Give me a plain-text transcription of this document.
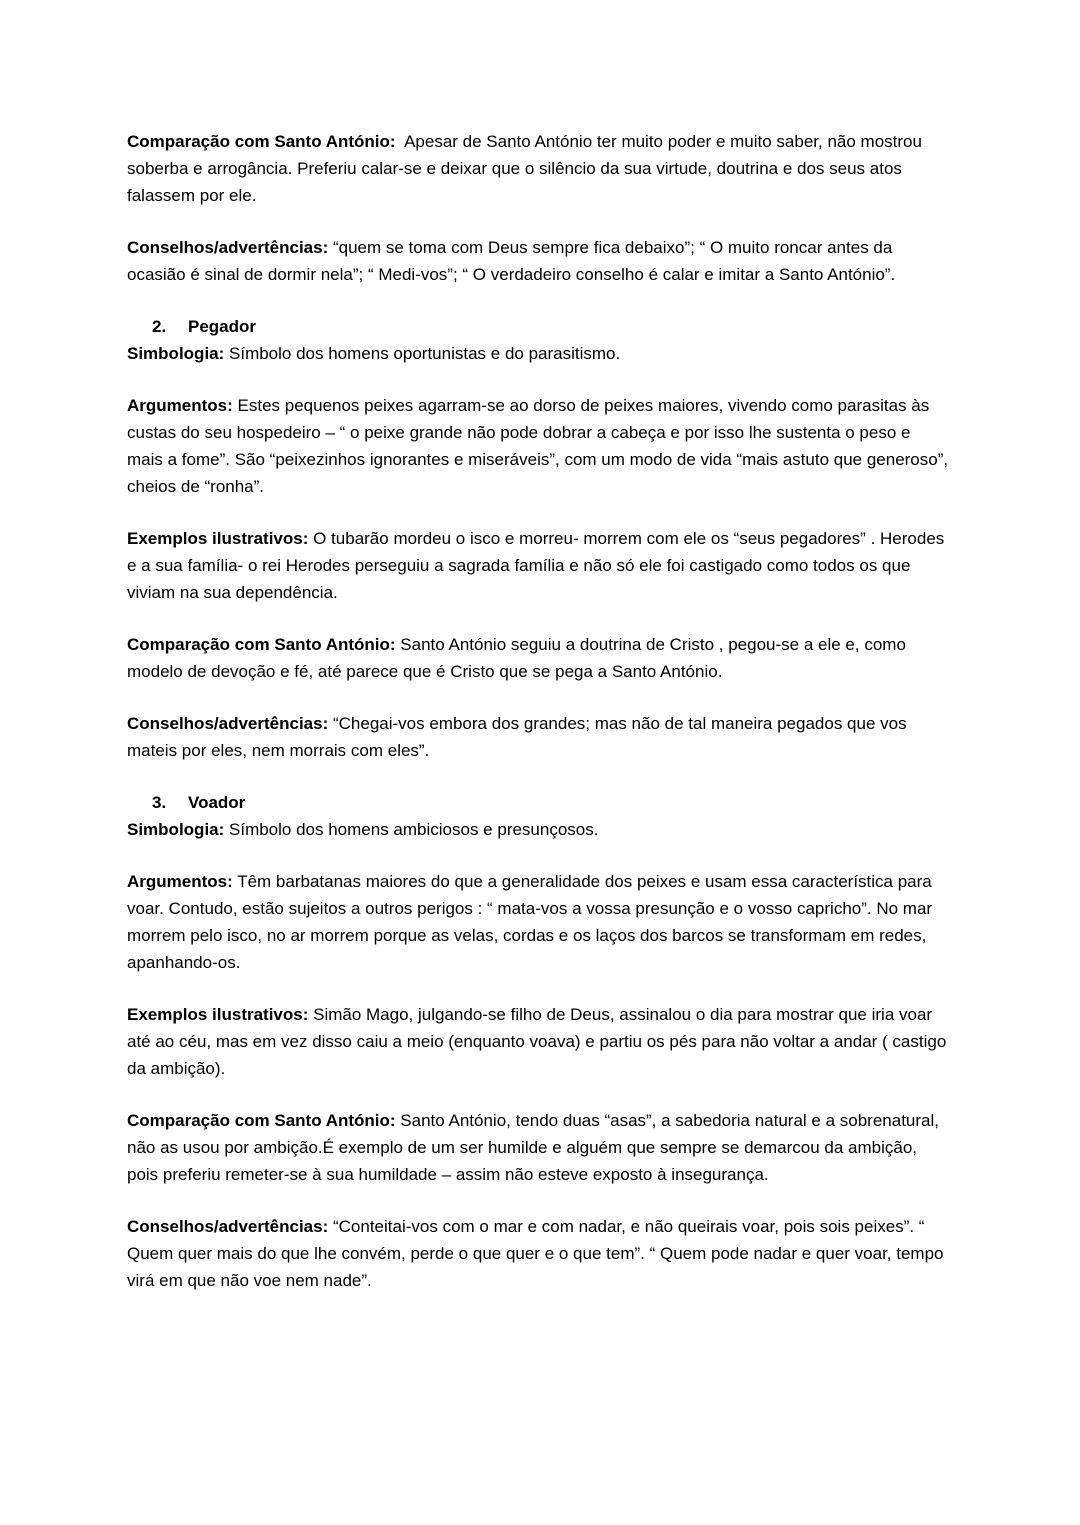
Comparação com Santo António:  Apesar de Santo António ter muito poder e muito saber, não mostrou soberba e arrogância. Preferiu calar-se e deixar que o silêncio da sua virtude, doutrina e dos seus atos falassem por ele.

Conselhos/advertências: “quem se toma com Deus sempre fica debaixo”; “ O muito roncar antes da ocasião é sinal de dormir nela”; “ Medi-vos”; “ O verdadeiro conselho é calar e imitar a Santo António”.

2. Pegador

Simbologia: Símbolo dos homens oportunistas e do parasitismo.

Argumentos: Estes pequenos peixes agarram-se ao dorso de peixes maiores, vivendo como parasitas às custas do seu hospedeiro – “ o peixe grande não pode dobrar a cabeça e por isso lhe sustenta o peso e mais a fome”. São “peixezinhos ignorantes e miseráveis”, com um modo de vida “mais astuto que generoso”, cheios de “ronha”.

Exemplos ilustrativos: O tubarão mordeu o isco e morreu- morrem com ele os “seus pegadores” . Herodes e a sua família- o rei Herodes perseguiu a sagrada família e não só ele foi castigado como todos os que viviam na sua dependência.

Comparação com Santo António: Santo António seguiu a doutrina de Cristo , pegou-se a ele e, como modelo de devoção e fé, até parece que é Cristo que se pega a Santo António.

Conselhos/advertências: “Chegai-vos embora dos grandes; mas não de tal maneira pegados que vos mateis por eles, nem morrais com eles”.

3. Voador

Simbologia: Símbolo dos homens ambiciosos e presunçosos.

Argumentos: Têm barbatanas maiores do que a generalidade dos peixes e usam essa característica para voar. Contudo, estão sujeitos a outros perigos : “ mata-vos a vossa presunção e o vosso capricho”. No mar morrem pelo isco, no ar morrem porque as velas, cordas e os laços dos barcos se transformam em redes, apanhando-os.

Exemplos ilustrativos: Simão Mago, julgando-se filho de Deus, assinalou o dia para mostrar que iria voar até ao céu, mas em vez disso caiu a meio (enquanto voava) e partiu os pés para não voltar a andar ( castigo da ambição).

Comparação com Santo António: Santo António, tendo duas “asas”, a sabedoria natural e a sobrenatural, não as usou por ambição.É exemplo de um ser humilde e alguém que sempre se demarcou da ambição, pois preferiu remeter-se à sua humildade – assim não esteve exposto à insegurança.

Conselhos/advertências: “Conteitai-vos com o mar e com nadar, e não queirais voar, pois sois peixes”. “ Quem quer mais do que lhe convém, perde o que quer e o que tem”. “ Quem pode nadar e quer voar, tempo virá em que não voe nem nade”.
